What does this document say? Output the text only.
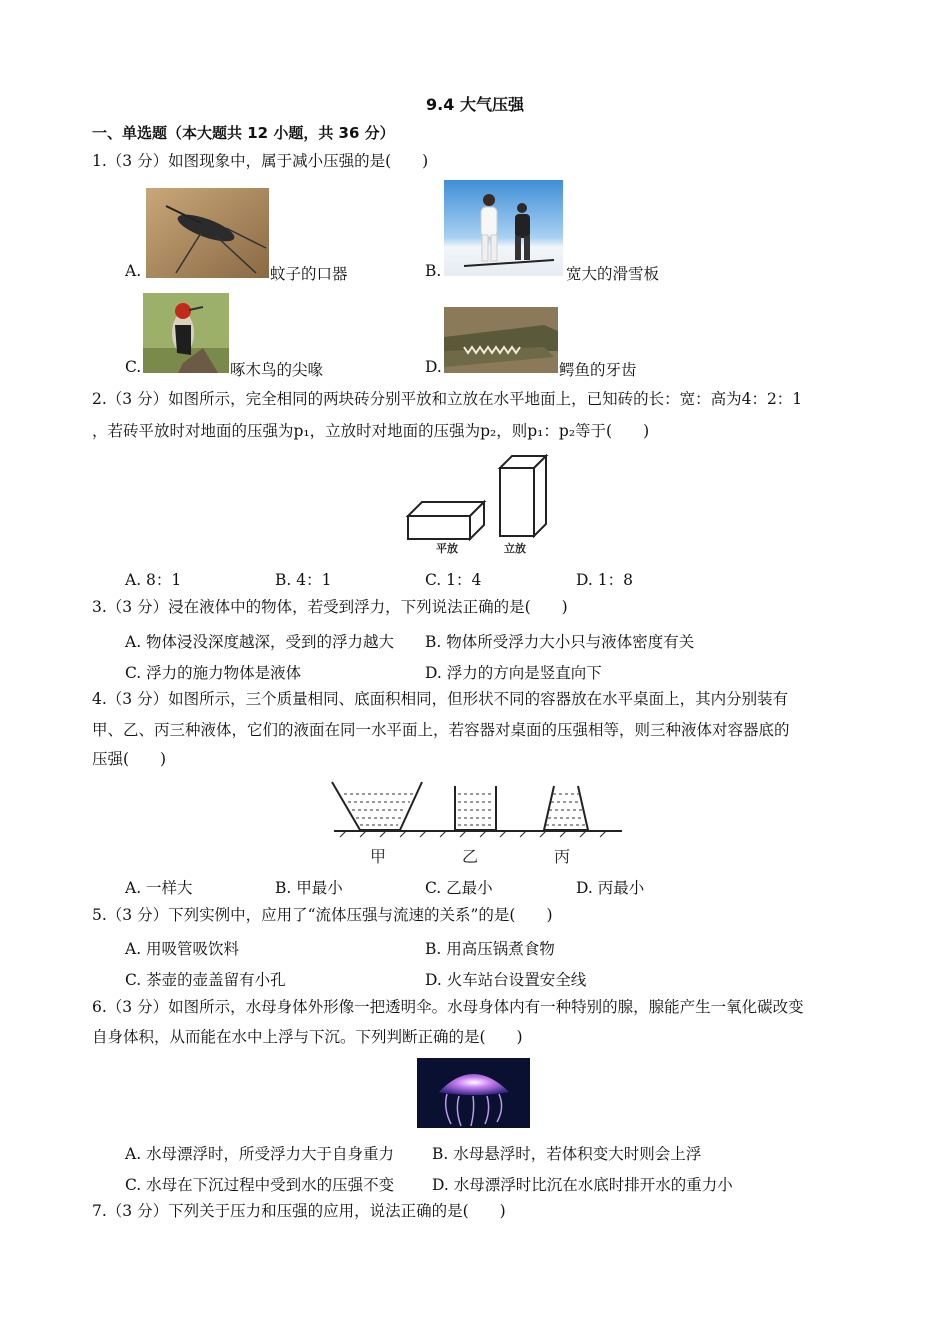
9.4 大气压强
一、单选题（本大题共 12 小题，共 36 分）
1.（3 分）如图现象中，属于减小压强的是(　　)
A.	蚊子的口器	B.	宽大的滑雪板
C.	啄木鸟的尖喙	D.	鳄鱼的牙齿
2.（3 分）如图所示，完全相同的两块砖分别平放和立放在水平地面上，已知砖的长：宽：高为4：2：1
，若砖平放时对地面的压强为p₁，立放时对地面的压强为p₂，则p₁：p₂等于(　　)
平放	立放
A. 8：1	B. 4：1	C. 1：4	D. 1：8
3.（3 分）浸在液体中的物体，若受到浮力，下列说法正确的是(　　)
A. 物体浸没深度越深，受到的浮力越大 B. 物体所受浮力大小只与液体密度有关
C. 浮力的施力物体是液体	D. 浮力的方向是竖直向下
4.（3 分）如图所示，三个质量相同、底面积相同，但形状不同的容器放在水平桌面上，其内分别装有
甲、乙、丙三种液体，它们的液面在同一水平面上，若容器对桌面的压强相等，则三种液体对容器底的
压强(　　)
甲	乙	丙
A. 一样大	B. 甲最小	C. 乙最小	D. 丙最小
5.（3 分）下列实例中，应用了“流体压强与流速的关系”的是(　　)
A. 用吸管吸饮料	B. 用高压锅煮食物
C. 茶壶的壶盖留有小孔	D. 火车站台设置安全线
6.（3 分）如图所示，水母身体外形像一把透明伞。水母身体内有一种特别的腺，腺能产生一氧化碳改变
自身体积，从而能在水中上浮与下沉。下列判断正确的是(　　)
A. 水母漂浮时，所受浮力大于自身重力 B. 水母悬浮时，若体积变大时则会上浮
C. 水母在下沉过程中受到水的压强不变 D. 水母漂浮时比沉在水底时排开水的重力小
7.（3 分）下列关于压力和压强的应用，说法正确的是(　　)
